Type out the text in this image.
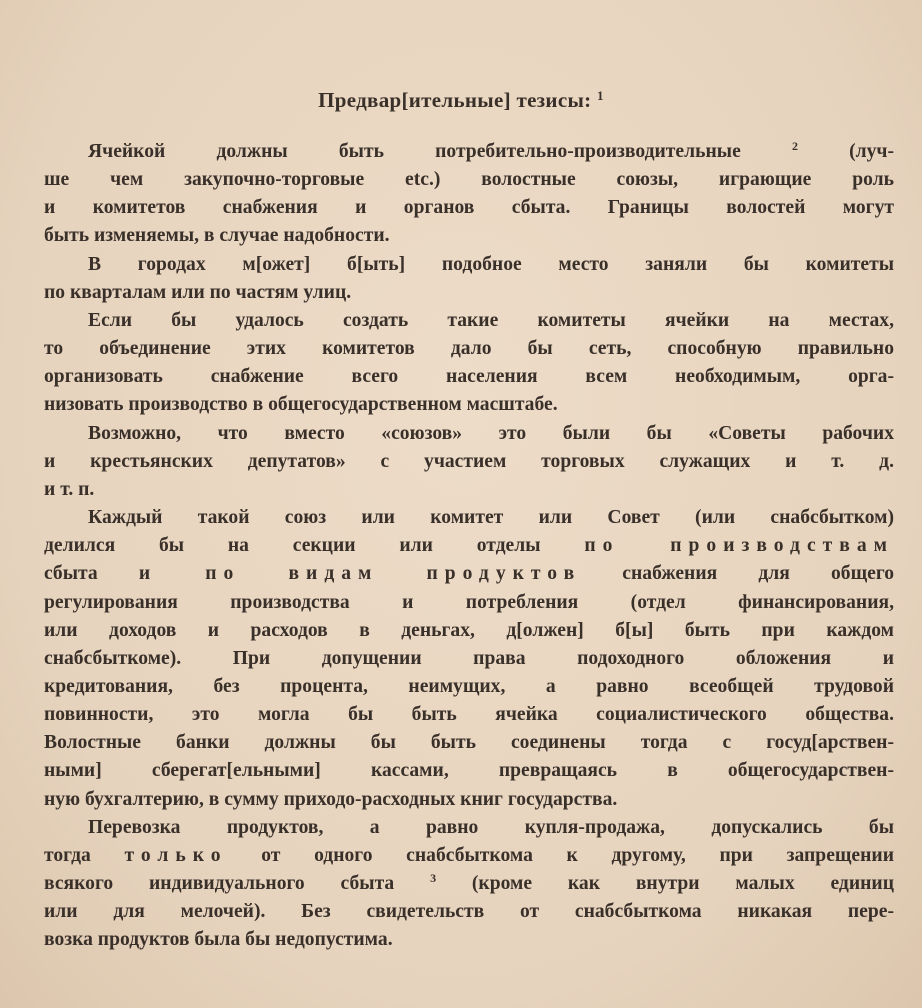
Предвар[ительные] тезисы: $^1$

Ячейкой должны быть потребительно-производительные $^2$ (луч-
ше чем закупочно-торговые etc.) волостные союзы, играющие роль
и комитетов снабжения и органов сбыта. Границы волостей могут
быть изменяемы, в случае надобности.

В городах м[ожет] б[ыть] подобное место заняли бы комитеты
по кварталам или по частям улиц.

Если бы удалось создать такие комитеты ячейки на местах,
то объединение этих комитетов дало бы сеть, способную правильно
организовать снабжение всего населения всем необходимым, орга-
низовать производство в общегосударственном масштабе.

Возможно, что вместо «союзов» это были бы «Советы рабочих
и крестьянских депутатов» с участием торговых служащих и т. д.
и т. п.

Каждый такой союз или комитет или Совет (или снабсбытком)
делился бы на секции или отделы по производствам
сбыта и по видам продуктов снабжения для общего
регулирования производства и потребления (отдел финансирования,
или доходов и расходов в деньгах, д[олжен] б[ы] быть при каждом
снабсбыткоме). При допущении права подоходного обложения и
кредитования, без процента, неимущих, а равно всеобщей трудовой
повинности, это могла бы быть ячейка социалистического общества.
Волостные банки должны бы быть соединены тогда с госуд[арствен-
ными] сберегат[ельными] кассами, превращаясь в общегосударствен-
ную бухгалтерию, в сумму приходо-расходных книг государства.

Перевозка продуктов, а равно купля-продажа, допускались бы
тогда только от одного снабсбыткома к другому, при запрещении
всякого индивидуального сбыта $^3$ (кроме как внутри малых единиц
или для мелочей). Без свидетельств от снабсбыткома никакая пере-
возка продуктов была бы недопустима.
